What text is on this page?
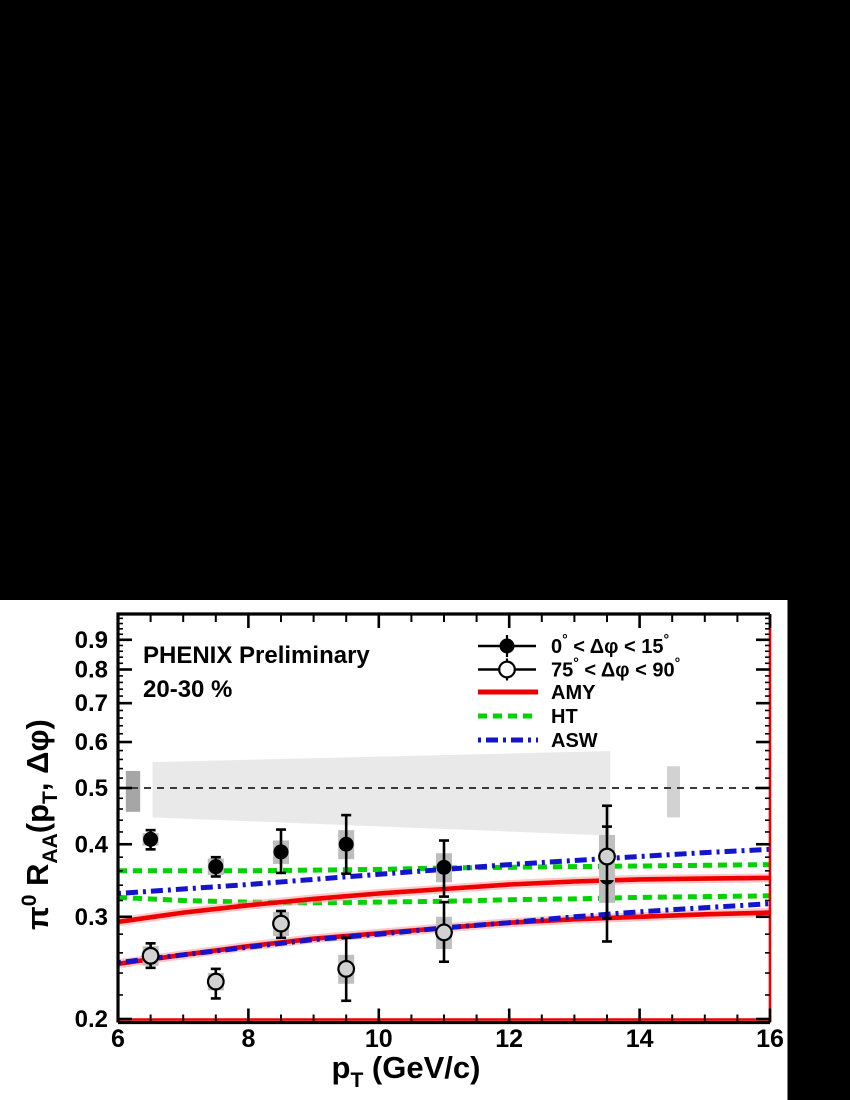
6	8	10	12	14	16
0.9
0.8
0.7
0.6
0.5
0.4
0.3
0.2
$p_T$ (GeV/c)
$\pi^0$ $R_{AA}(p_T$, Δφ)
PHENIX Preliminary
20-30 %
0° < Δφ < 15°
75° < Δφ < 90°
AMY
HT
ASW
